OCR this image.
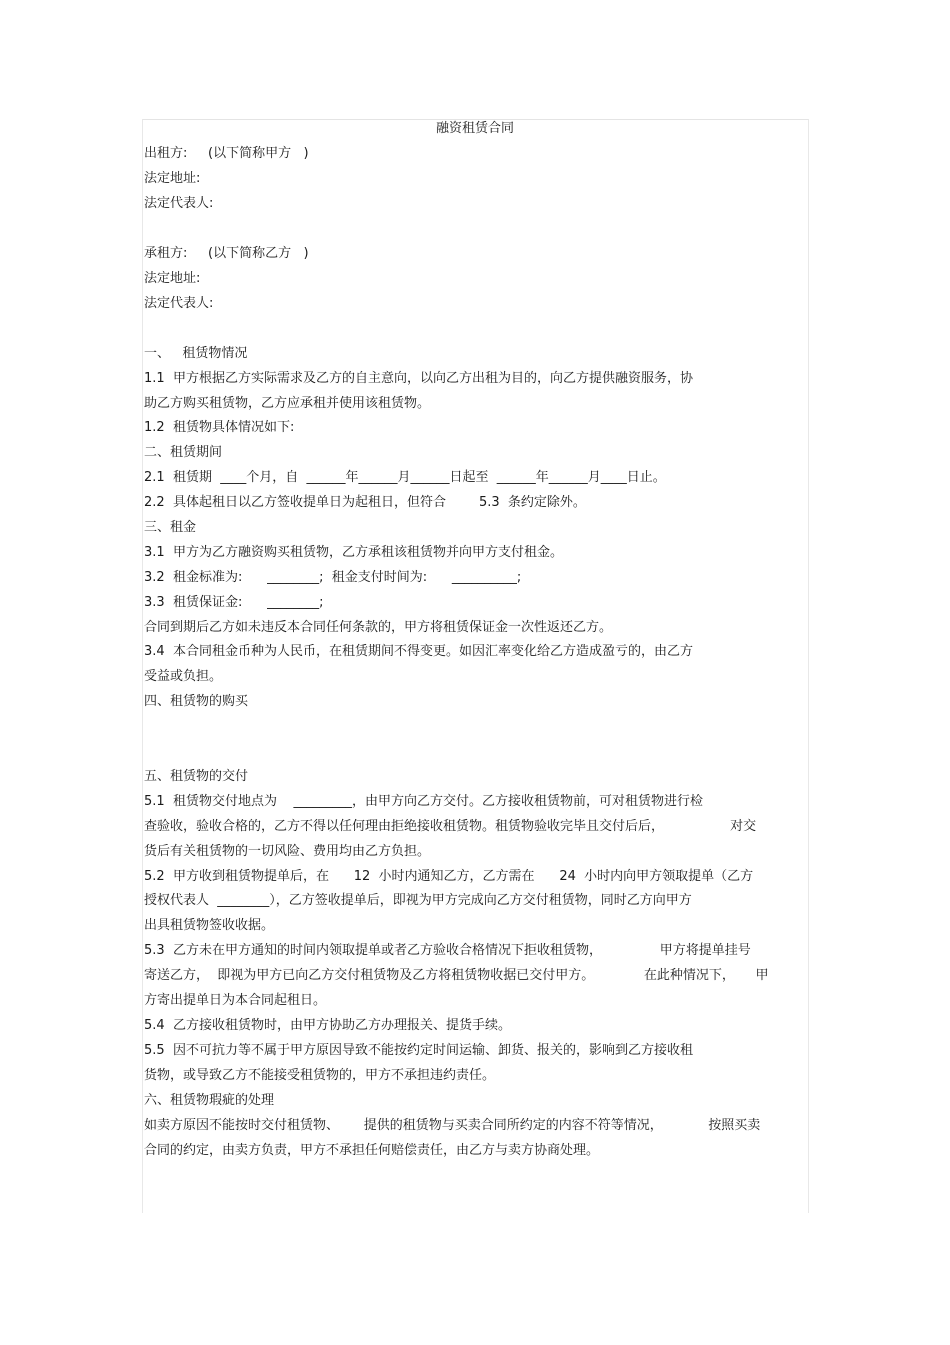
融资租赁合同
出租方:     (以下简称甲方   )
法定地址:
法定代表人:
承租方:     (以下简称乙方   )
法定地址:
法定代表人:
一、   租赁物情况
1.1  甲方根据乙方实际需求及乙方的自主意向，以向乙方出租为目的，向乙方提供融资服务，协
助乙方购买租赁物，乙方应承租并使用该租赁物。
1.2  租赁物具体情况如下:
二、租赁期间
2.1  租赁期  ____个月，自  ______年______月______日起至  ______年______月____日止。
2.2  具体起租日以乙方签收提单日为起租日，但符合        5.3  条约定除外。
三、租金
3.1  甲方为乙方融资购买租赁物，乙方承租该租赁物并向甲方支付租金。
3.2  租金标准为:      ________;  租金支付时间为:      __________;
3.3  租赁保证金:      ________;
合同到期后乙方如未违反本合同任何条款的，甲方将租赁保证金一次性返还乙方。
3.4  本合同租金币种为人民币，在租赁期间不得变更。如因汇率变化给乙方造成盈亏的，由乙方
受益或负担。
四、租赁物的购买
五、租赁物的交付
5.1  租赁物交付地点为    _________，由甲方向乙方交付。乙方接收租赁物前，可对租赁物进行检
查验收，验收合格的，乙方不得以任何理由拒绝接收租赁物。租赁物验收完毕且交付后后，                对交
货后有关租赁物的一切风险、费用均由乙方负担。
5.2  甲方收到租赁物提单后，在      12  小时内通知乙方，乙方需在      24  小时内向甲方领取提单（乙方
授权代表人  ________），乙方签收提单后，即视为甲方完成向乙方交付租赁物，同时乙方向甲方
出具租赁物签收收据。
5.3  乙方未在甲方通知的时间内领取提单或者乙方验收合格情况下拒收租赁物，              甲方将提单挂号
寄送乙方，  即视为甲方已向乙方交付租赁物及乙方将租赁物收据已交付甲方。            在此种情况下，     甲
方寄出提单日为本合同起租日。
5.4  乙方接收租赁物时，由甲方协助乙方办理报关、提货手续。
5.5  因不可抗力等不属于甲方原因导致不能按约定时间运输、卸货、报关的，影响到乙方接收租
货物，或导致乙方不能接受租赁物的，甲方不承担违约责任。
六、租赁物瑕疵的处理
如卖方原因不能按时交付租赁物、      提供的租赁物与买卖合同所约定的内容不符等情况，           按照买卖
合同的约定，由卖方负责，甲方不承担任何赔偿责任，由乙方与卖方协商处理。
